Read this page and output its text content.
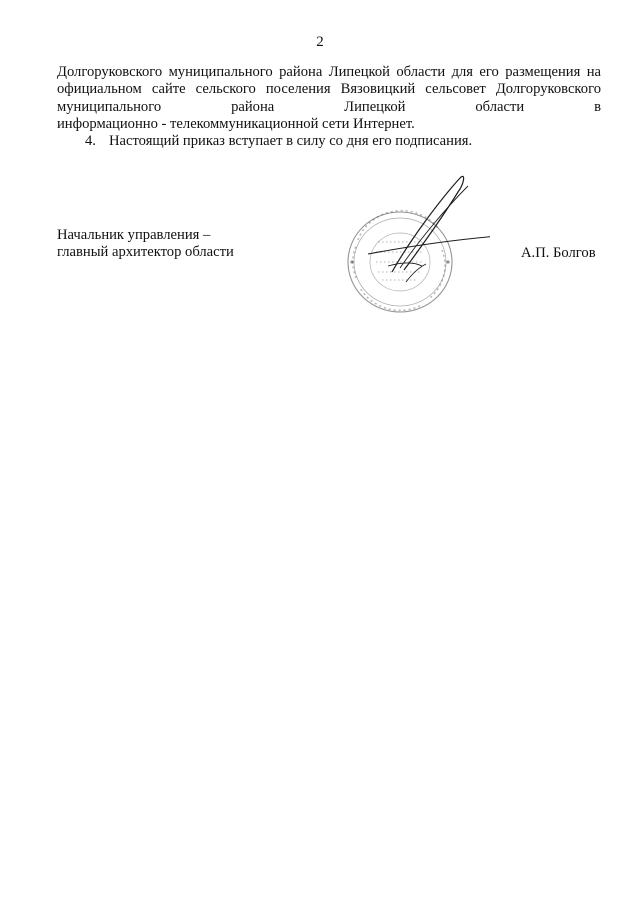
2
Долгоруковского муниципального района Липецкой области для его размещения на
официальном сайте сельского поселения Вязовицкий сельсовет Долгоруковского
муниципального	района	Липецкой	области	в
информационно - телекоммуникационной сети Интернет.
4. Настоящий приказ вступает в силу со дня его подписания.
Начальник управления –
главный архитектор области	А.П. Болгов
